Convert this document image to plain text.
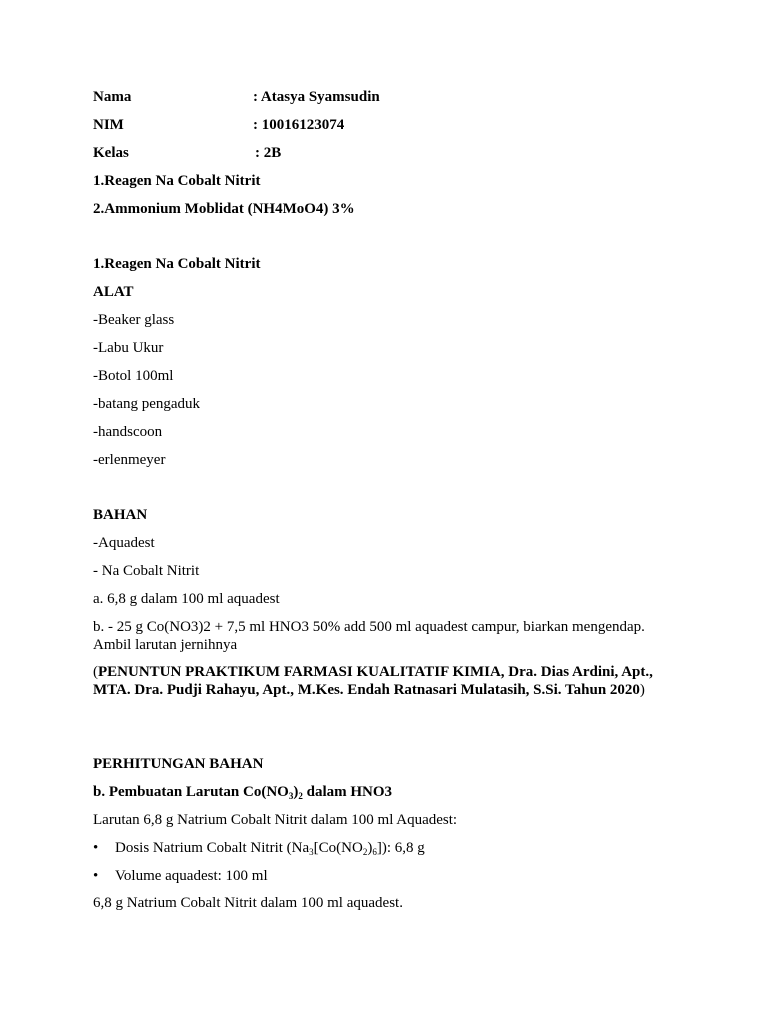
Nama	: Atasya Syamsudin
NIM	: 10016123074
Kelas	: 2B
1.Reagen Na Cobalt Nitrit
2.Ammonium Moblidat (NH4MoO4) 3%
1.Reagen Na Cobalt Nitrit
ALAT
-Beaker glass
-Labu Ukur
-Botol 100ml
-batang pengaduk
-handscoon
-erlenmeyer
BAHAN
-Aquadest
- Na Cobalt Nitrit
a. 6,8 g dalam 100 ml aquadest
b. - 25 g Co(NO3)2 + 7,5 ml HNO3 50% add 500 ml aquadest campur, biarkan mengendap. Ambil larutan jernihnya
(PENUNTUN PRAKTIKUM FARMASI KUALITATIF KIMIA, Dra. Dias Ardini, Apt., MTA. Dra. Pudji Rahayu, Apt., M.Kes. Endah Ratnasari Mulatasih, S.Si. Tahun 2020)
PERHITUNGAN BAHAN
b. Pembuatan Larutan $Co(NO_3)_2$ dalam HNO3
Larutan 6,8 g Natrium Cobalt Nitrit dalam 100 ml Aquadest:
•	Dosis Natrium Cobalt Nitrit $(Na_3[Co(NO_2)_6])$: 6,8 g
•	Volume aquadest: 100 ml
6,8 g Natrium Cobalt Nitrit dalam 100 ml aquadest.
